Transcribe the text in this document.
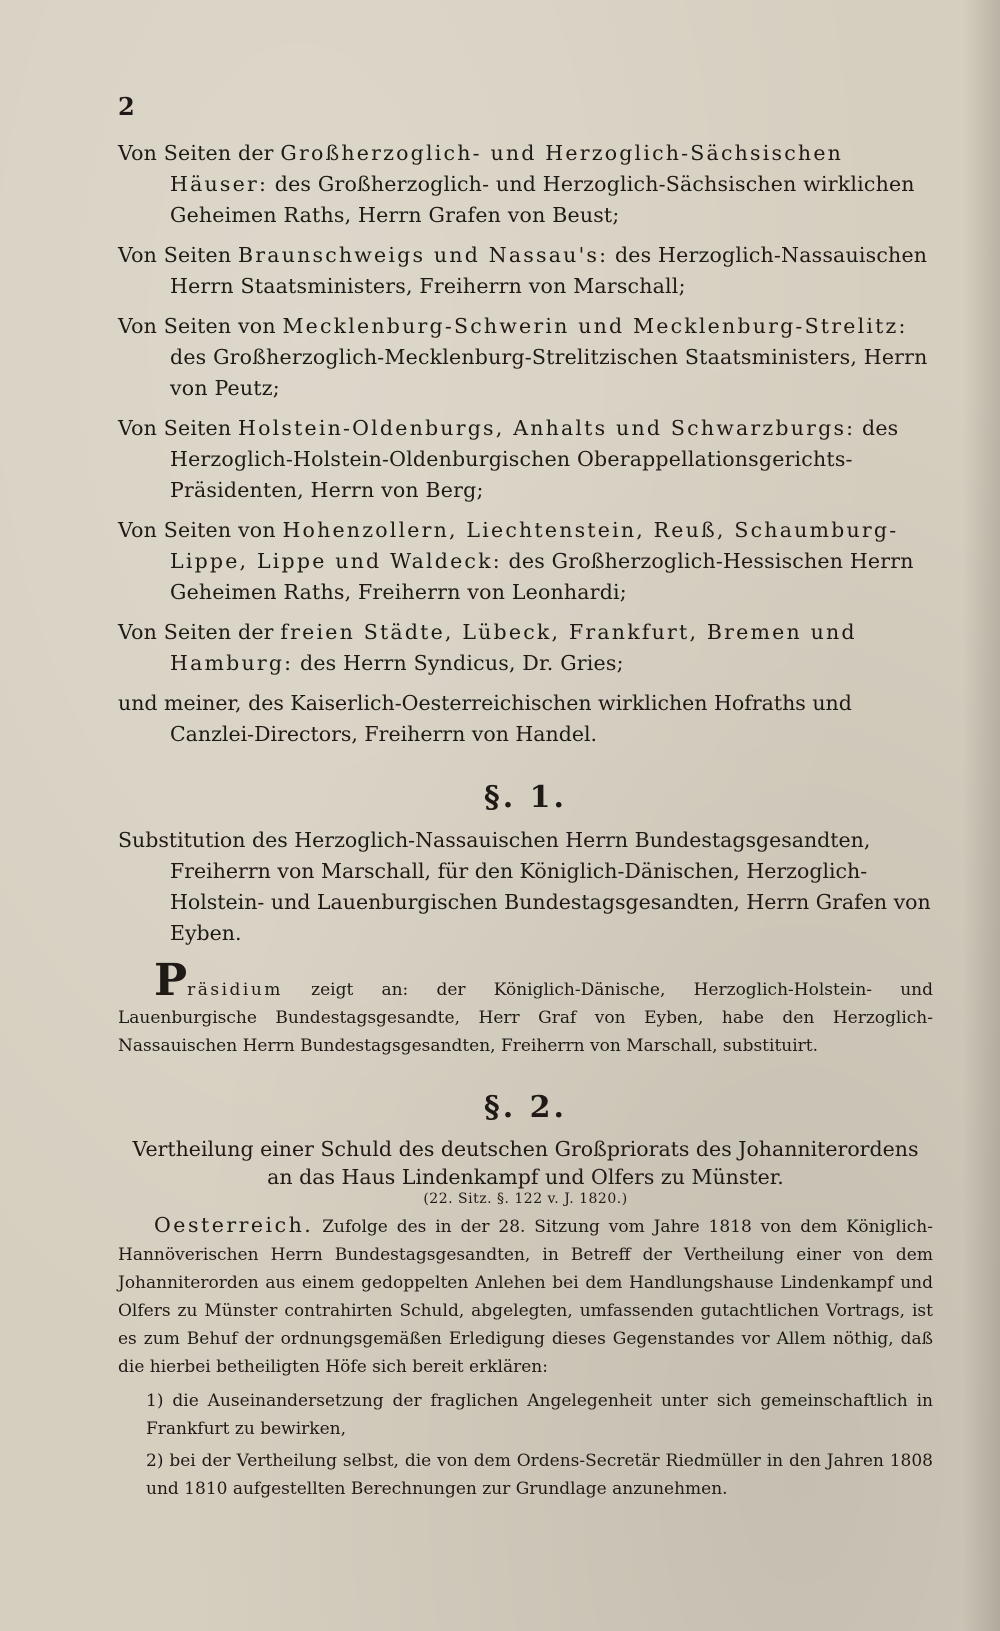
2

Von Seiten der Großherzoglich- und Herzoglich-Sächsischen Häuser: des Großherzoglich- und Herzoglich-Sächsischen wirklichen Geheimen Raths, Herrn Grafen von Beust;

Von Seiten Braunschweigs und Nassau's: des Herzoglich-Nassauischen Herrn Staatsministers, Freiherrn von Marschall;

Von Seiten von Mecklenburg-Schwerin und Mecklenburg-Strelitz: des Großherzoglich-Mecklenburg-Strelitzischen Staatsministers, Herrn von Peutz;

Von Seiten Holstein-Oldenburgs, Anhalts und Schwarzburgs: des Herzoglich-Holstein-Oldenburgischen Oberappellationsgerichts-Präsidenten, Herrn von Berg;

Von Seiten von Hohenzollern, Liechtenstein, Reuß, Schaumburg-Lippe, Lippe und Waldeck: des Großherzoglich-Hessischen Herrn Geheimen Raths, Freiherrn von Leonhardi;

Von Seiten der freien Städte, Lübeck, Frankfurt, Bremen und Hamburg: des Herrn Syndicus, Dr. Gries;

und meiner, des Kaiserlich-Oesterreichischen wirklichen Hofraths und Canzlei-Directors, Freiherrn von Handel.

§. 1.

Substitution des Herzoglich-Nassauischen Herrn Bundestagsgesandten, Freiherrn von Marschall, für den Königlich-Dänischen, Herzoglich-Holstein- und Lauenburgischen Bundestagsgesandten, Herrn Grafen von Eyben.

Präsidium zeigt an: der Königlich-Dänische, Herzoglich-Holstein- und Lauenburgische Bundestagsgesandte, Herr Graf von Eyben, habe den Herzoglich-Nassauischen Herrn Bundestagsgesandten, Freiherrn von Marschall, substituirt.

§. 2.

Vertheilung einer Schuld des deutschen Großpriorats des Johanniterordens

an das Haus Lindenkampf und Olfers zu Münster.

(22. Sitz. §. 122 v. J. 1820.)

Oesterreich. Zufolge des in der 28. Sitzung vom Jahre 1818 von dem Königlich-Hannöverischen Herrn Bundestagsgesandten, in Betreff der Vertheilung einer von dem Johanniterorden aus einem gedoppelten Anlehen bei dem Handlungshause Lindenkampf und Olfers zu Münster contrahirten Schuld, abgelegten, umfassenden gutachtlichen Vortrags, ist es zum Behuf der ordnungsgemäßen Erledigung dieses Gegenstandes vor Allem nöthig, daß die hierbei betheiligten Höfe sich bereit erklären:

1) die Auseinandersetzung der fraglichen Angelegenheit unter sich gemeinschaftlich in Frankfurt zu bewirken,

2) bei der Vertheilung selbst, die von dem Ordens-Secretär Riedmüller in den Jahren 1808 und 1810 aufgestellten Berechnungen zur Grundlage anzunehmen.
